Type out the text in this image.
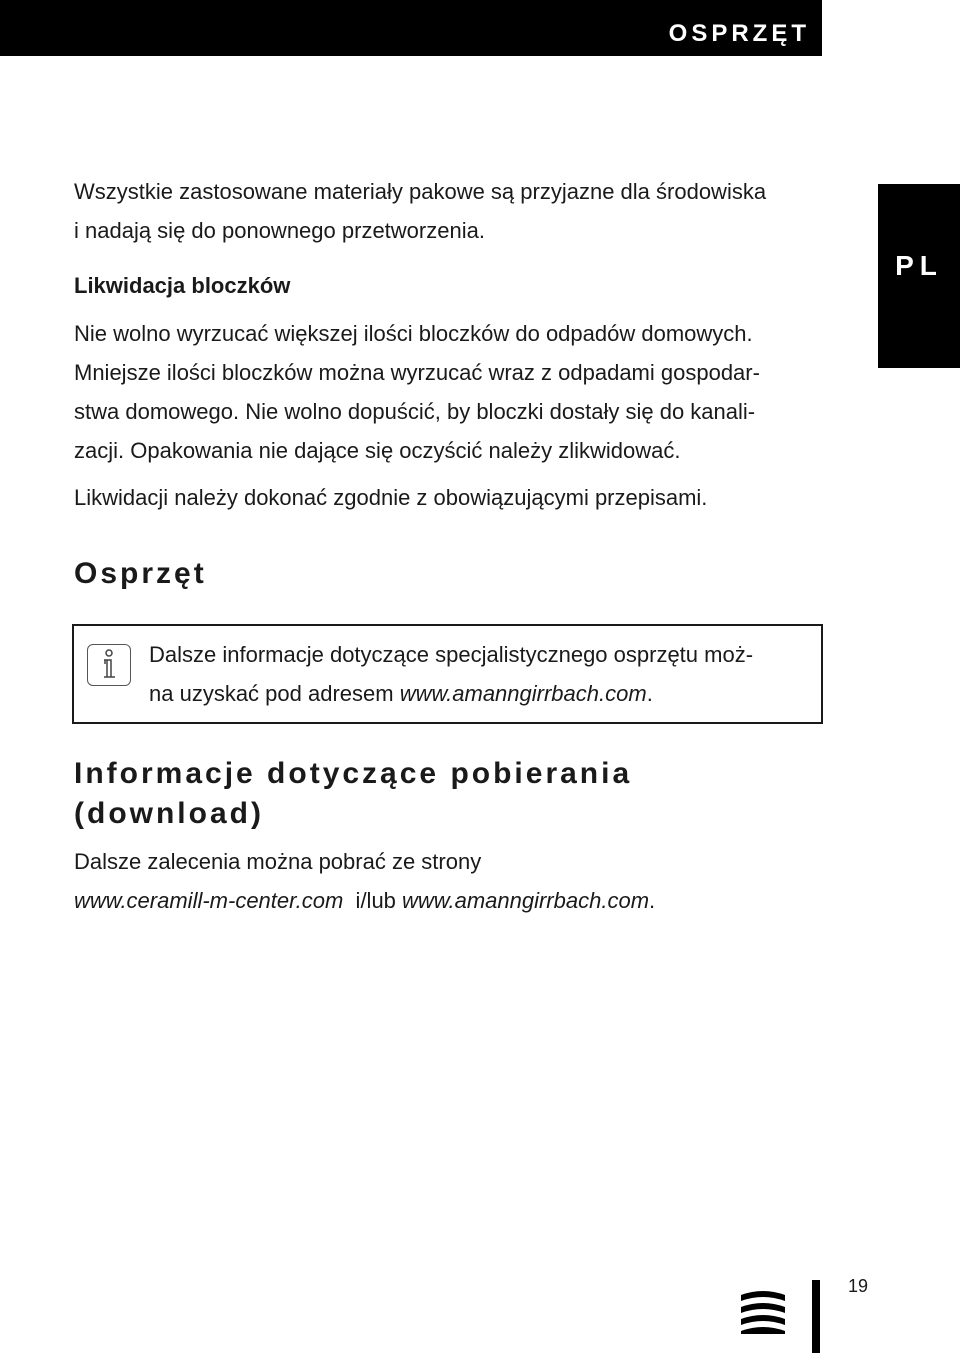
OSPRZĘT
PL

Wszystkie zastosowane materiały pakowe są przyjazne dla środowiska

i nadają się do ponownego przetworzenia.

Likwidacja bloczków

Nie wolno wyrzucać większej ilości bloczków do odpadów domowych.

Mniejsze ilości bloczków można wyrzucać wraz z odpadami gospodar-

stwa domowego. Nie wolno dopuścić, by bloczki dostały się do kanali-

zacji. Opakowania nie dające się oczyścić należy zlikwidować.

Likwidacji należy dokonać zgodnie z obowiązującymi przepisami.

Osprzęt

Dalsze informacje dotyczące specjalistycznego osprzętu moż-

na uzyskać pod adresem www.amanngirrbach.com.

Informacje dotyczące pobierania
(download)

Dalsze zalecenia można pobrać ze strony

www.ceramill-m-center.com  i/lub www.amanngirrbach.com.

19
